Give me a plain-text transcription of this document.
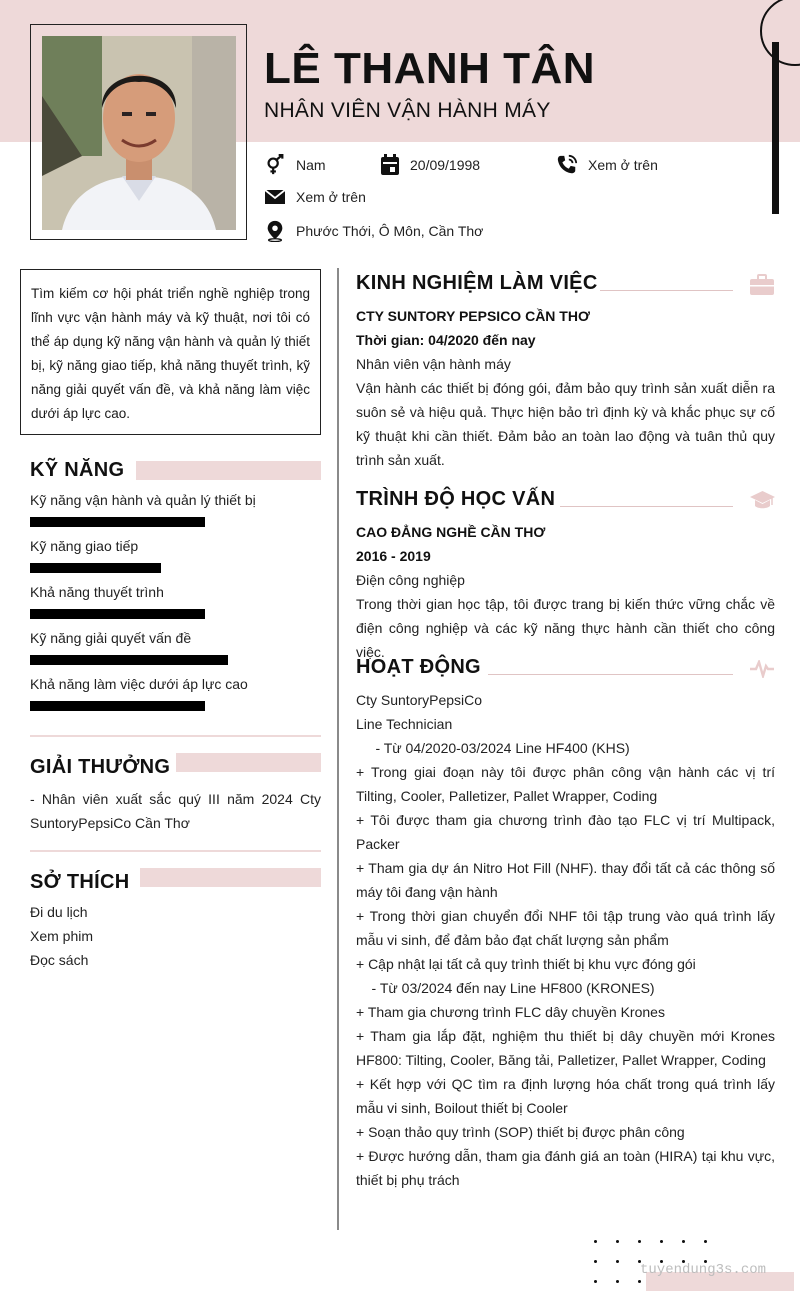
LÊ THANH TÂN
NHÂN VIÊN VẬN HÀNH MÁY
Nam	20/09/1998	Xem ở trên
Xem ở trên
Phước Thới, Ô Môn, Cần Thơ
Tìm kiếm cơ hội phát triển nghề nghiệp trong lĩnh vực vận hành máy và kỹ thuật, nơi tôi có thể áp dụng kỹ năng vận hành và quản lý thiết bị, kỹ năng giao tiếp, khả năng thuyết trình, kỹ năng giải quyết vấn đề, và khả năng làm việc dưới áp lực cao.
KỸ NĂNG
Kỹ năng vận hành và quản lý thiết bị
Kỹ năng giao tiếp
Khả năng thuyết trình
Kỹ năng giải quyết vấn đề
Khả năng làm việc dưới áp lực cao
GIẢI THƯỞNG
- Nhân viên xuất sắc quý III năm 2024 Cty SuntoryPepsiCo Cần Thơ
SỞ THÍCH
Đi du lịch
Xem phim
Đọc sách
KINH NGHIỆM LÀM VIỆC
CTY SUNTORY PEPSICO CẦN THƠ
Thời gian: 04/2020 đến nay
Nhân viên vận hành máy
Vận hành các thiết bị đóng gói, đảm bảo quy trình sản xuất diễn ra suôn sẻ và hiệu quả. Thực hiện bảo trì định kỳ và khắc phục sự cố kỹ thuật khi cần thiết. Đảm bảo an toàn lao động và tuân thủ quy trình sản xuất.
TRÌNH ĐỘ HỌC VẤN
CAO ĐẲNG NGHỀ CẦN THƠ
2016 - 2019
Điện công nghiệp
Trong thời gian học tập, tôi được trang bị kiến thức vững chắc về điện công nghiệp và các kỹ năng thực hành cần thiết cho công việc.
HOẠT ĐỘNG
Cty SuntoryPepsiCo
Line Technician
- Từ 04/2020-03/2024 Line HF400 (KHS)
+ Trong giai đoạn này tôi được phân công vận hành các vị trí Tilting, Cooler, Palletizer, Pallet Wrapper, Coding
+ Tôi được tham gia chương trình đào tạo FLC vị trí Multipack, Packer
+ Tham gia dự án Nitro Hot Fill (NHF). thay đổi tất cả các thông số máy tôi đang vận hành
+ Trong thời gian chuyển đổi NHF tôi tập trung vào quá trình lấy mẫu vi sinh, để đảm bảo đạt chất lượng sản phẩm
+ Cập nhật lại tất cả quy trình thiết bị khu vực đóng gói
- Từ 03/2024 đến nay Line HF800 (KRONES)
+ Tham gia chương trình FLC dây chuyền Krones
+ Tham gia lắp đặt, nghiệm thu thiết bị dây chuyền mới Krones HF800: Tilting, Cooler, Băng tải, Palletizer, Pallet Wrapper, Coding
+ Kết hợp với QC tìm ra định lượng hóa chất trong quá trình lấy mẫu vi sinh, Boilout thiết bị Cooler
+ Soạn thảo quy trình (SOP) thiết bị được phân công
+ Được hướng dẫn, tham gia đánh giá an toàn (HIRA) tại khu vực, thiết bị phụ trách
tuyendung3s.com
